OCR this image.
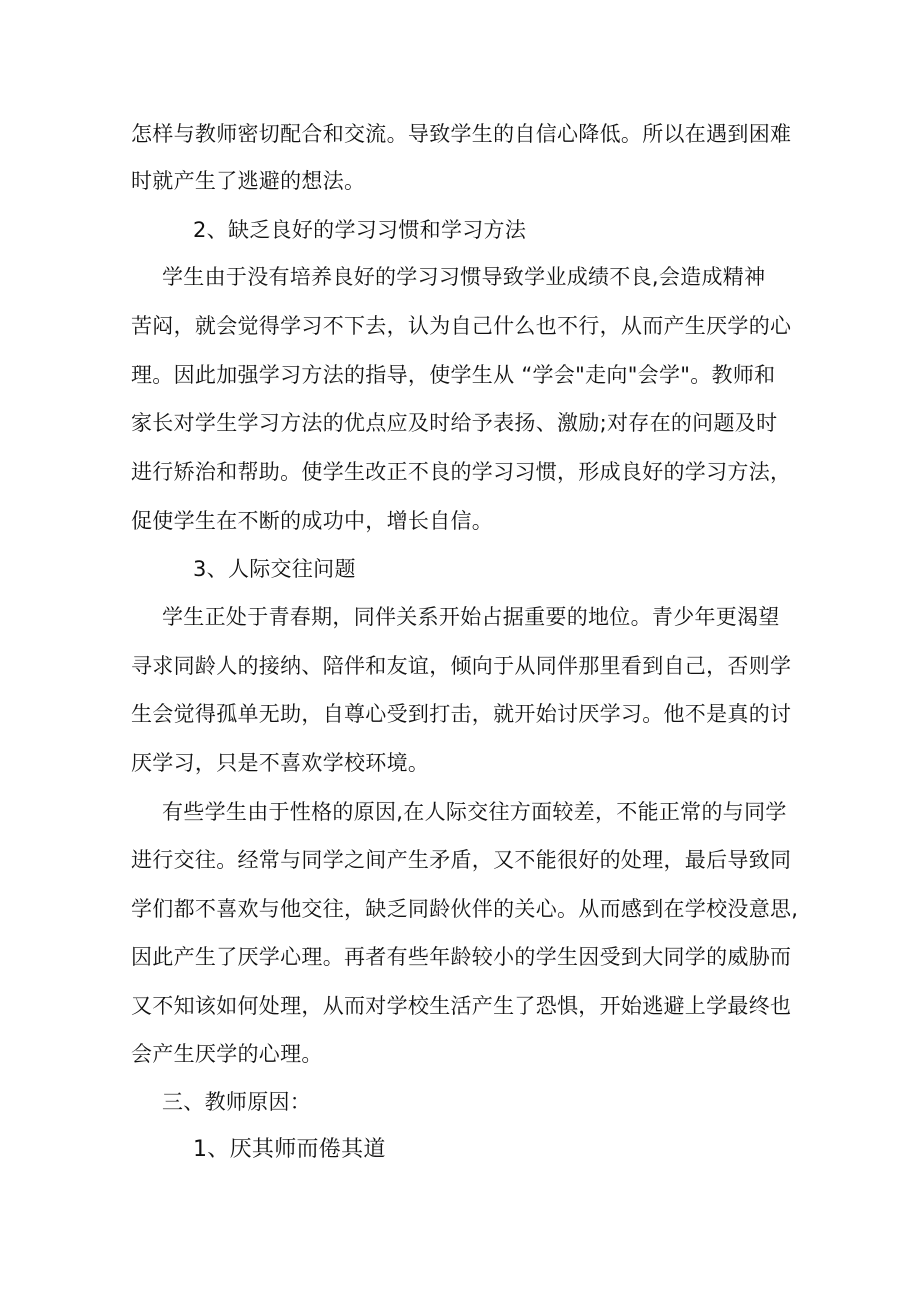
怎样与教师密切配合和交流。导致学生的自信心降低。所以在遇到困难
时就产生了逃避的想法。
2、缺乏良好的学习习惯和学习方法
学生由于没有培养良好的学习习惯导致学业成绩不良,会造成精神
苦闷，就会觉得学习不下去，认为自己什么也不行，从而产生厌学的心
理。因此加强学习方法的指导，使学生从 “学会"走向"会学"。教师和
家长对学生学习方法的优点应及时给予表扬、激励;对存在的问题及时
进行矫治和帮助。使学生改正不良的学习习惯，形成良好的学习方法，
促使学生在不断的成功中，增长自信。
3、人际交往问题
学生正处于青春期，同伴关系开始占据重要的地位。青少年更渴望
寻求同龄人的接纳、陪伴和友谊，倾向于从同伴那里看到自己，否则学
生会觉得孤单无助，自尊心受到打击，就开始讨厌学习。他不是真的讨
厌学习，只是不喜欢学校环境。
有些学生由于性格的原因,在人际交往方面较差，不能正常的与同学
进行交往。经常与同学之间产生矛盾，又不能很好的处理，最后导致同
学们都不喜欢与他交往，缺乏同龄伙伴的关心。从而感到在学校没意思,
因此产生了厌学心理。再者有些年龄较小的学生因受到大同学的威胁而
又不知该如何处理，从而对学校生活产生了恐惧，开始逃避上学最终也
会产生厌学的心理。
三、教师原因：
1、厌其师而倦其道
